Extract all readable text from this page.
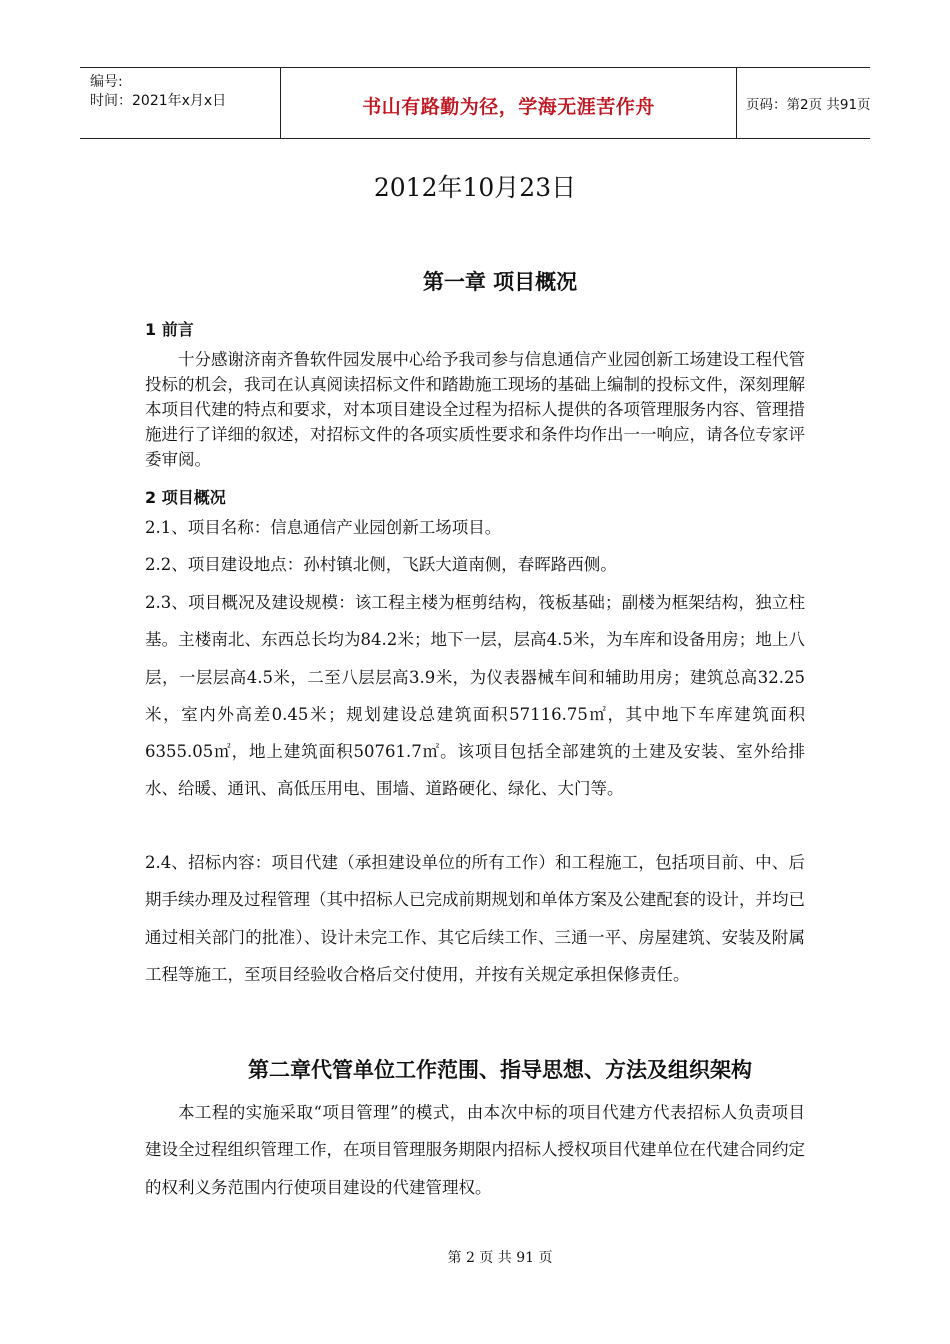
编号:
时间：2021年x月x日	书山有路勤为径，学海无涯苦作舟	页码：第2页 共91页
2012年10月23日
第一章 项目概况
1 前言

十分感谢济南齐鲁软件园发展中心给予我司参与信息通信产业园创新工场建设工程代管投标的机会，我司在认真阅读招标文件和踏勘施工现场的基础上编制的投标文件，深刻理解本项目代建的特点和要求，对本项目建设全过程为招标人提供的各项管理服务内容、管理措施进行了详细的叙述，对招标文件的各项实质性要求和条件均作出一一响应，请各位专家评委审阅。

2 项目概况

2.1、项目名称：信息通信产业园创新工场项目。

2.2、项目建设地点：孙村镇北侧，飞跃大道南侧，春晖路西侧。

2.3、项目概况及建设规模：该工程主楼为框剪结构，筏板基础；副楼为框架结构，独立柱基。主楼南北、东西总长均为84.2米；地下一层，层高4.5米，为车库和设备用房；地上八层，一层层高4.5米，二至八层层高3.9米，为仪表器械车间和辅助用房；建筑总高32.25米，室内外高差0.45米；规划建设总建筑面积57116.75㎡，其中地下车库建筑面积6355.05㎡，地上建筑面积50761.7㎡。该项目包括全部建筑的土建及安装、室外给排水、给暖、通讯、高低压用电、围墙、道路硬化、绿化、大门等。

2.4、招标内容：项目代建（承担建设单位的所有工作）和工程施工，包括项目前、中、后期手续办理及过程管理（其中招标人已完成前期规划和单体方案及公建配套的设计，并均已通过相关部门的批准）、设计未完工作、其它后续工作、三通一平、房屋建筑、安装及附属工程等施工，至项目经验收合格后交付使用，并按有关规定承担保修责任。

第二章代管单位工作范围、指导思想、方法及组织架构

本工程的实施采取“项目管理”的模式，由本次中标的项目代建方代表招标人负责项目建设全过程组织管理工作，在项目管理服务期限内招标人授权项目代建单位在代建合同约定的权利义务范围内行使项目建设的代建管理权。

第 2 页 共 91 页
